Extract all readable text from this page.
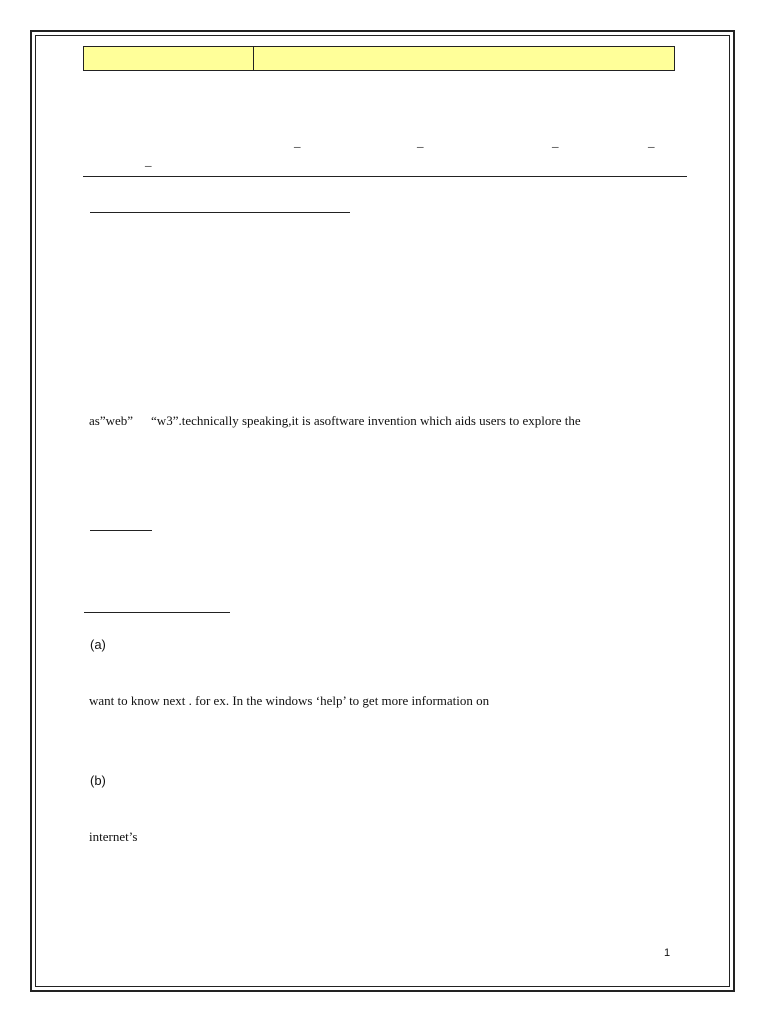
_	_	_	_
_
as”web” “w3”.technically speaking,it is asoftware invention which aids users to explore the
(a)
want to know next . for ex. In the windows ‘help’ to get more information on
(b)
internet’s
1
